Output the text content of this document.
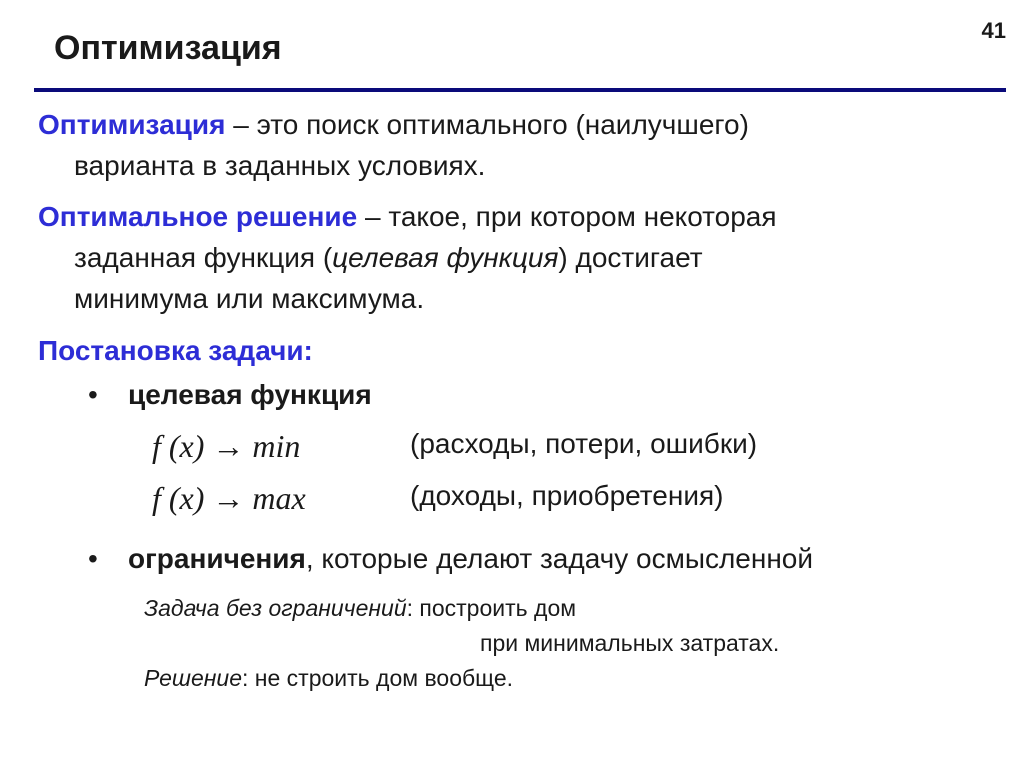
41
Оптимизация

Оптимизация – это поиск оптимального (наилучшего)
варианта в заданных условиях.

Оптимальное решение – такое, при котором некоторая
заданная функция (целевая функция) достигает
минимума или максимума.

Постановка задачи:

• целевая функция
f (x) → min	(расходы, потери, ошибки)
f (x) → max	(доходы, приобретения)
• ограничения, которые делают задачу осмысленной
Задача без ограничений: построить дом
при минимальных затратах.
Решение: не строить дом вообще.
